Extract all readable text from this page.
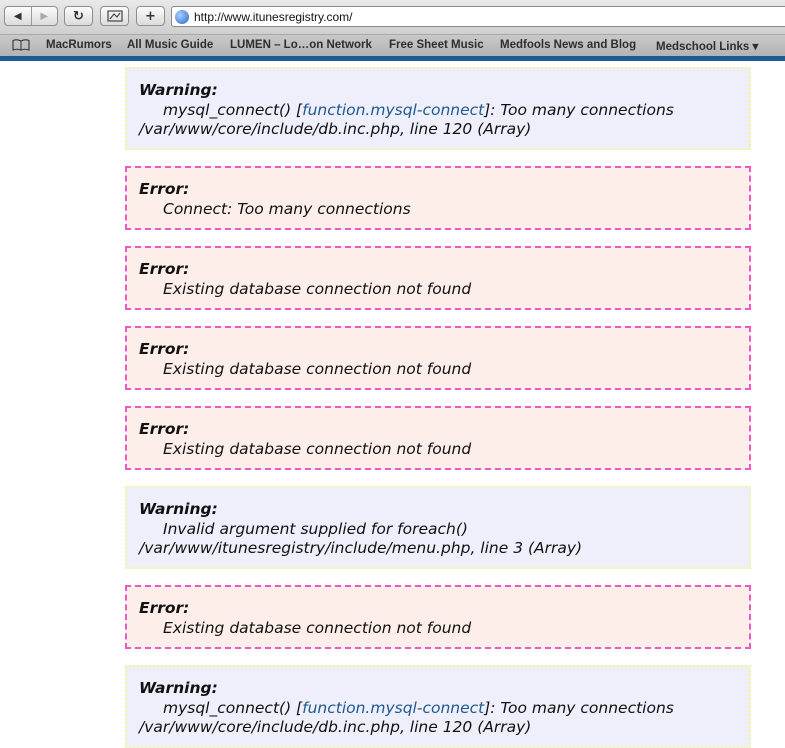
◀ ▶ ↻	+	http://www.itunesregistry.com/
MacRumors All Music Guide LUMEN – Lo…on Network Free Sheet Music Medfools News and Blog Medschool Links ▾
Warning:
mysql_connect() [function.mysql-connect]: Too many connections
/var/www/core/include/db.inc.php, line 120 (Array)
Error:
Connect: Too many connections
Error:
Existing database connection not found
Error:
Existing database connection not found
Error:
Existing database connection not found
Warning:
Invalid argument supplied for foreach()
/var/www/itunesregistry/include/menu.php, line 3 (Array)
Error:
Existing database connection not found
Warning:
mysql_connect() [function.mysql-connect]: Too many connections
/var/www/core/include/db.inc.php, line 120 (Array)
